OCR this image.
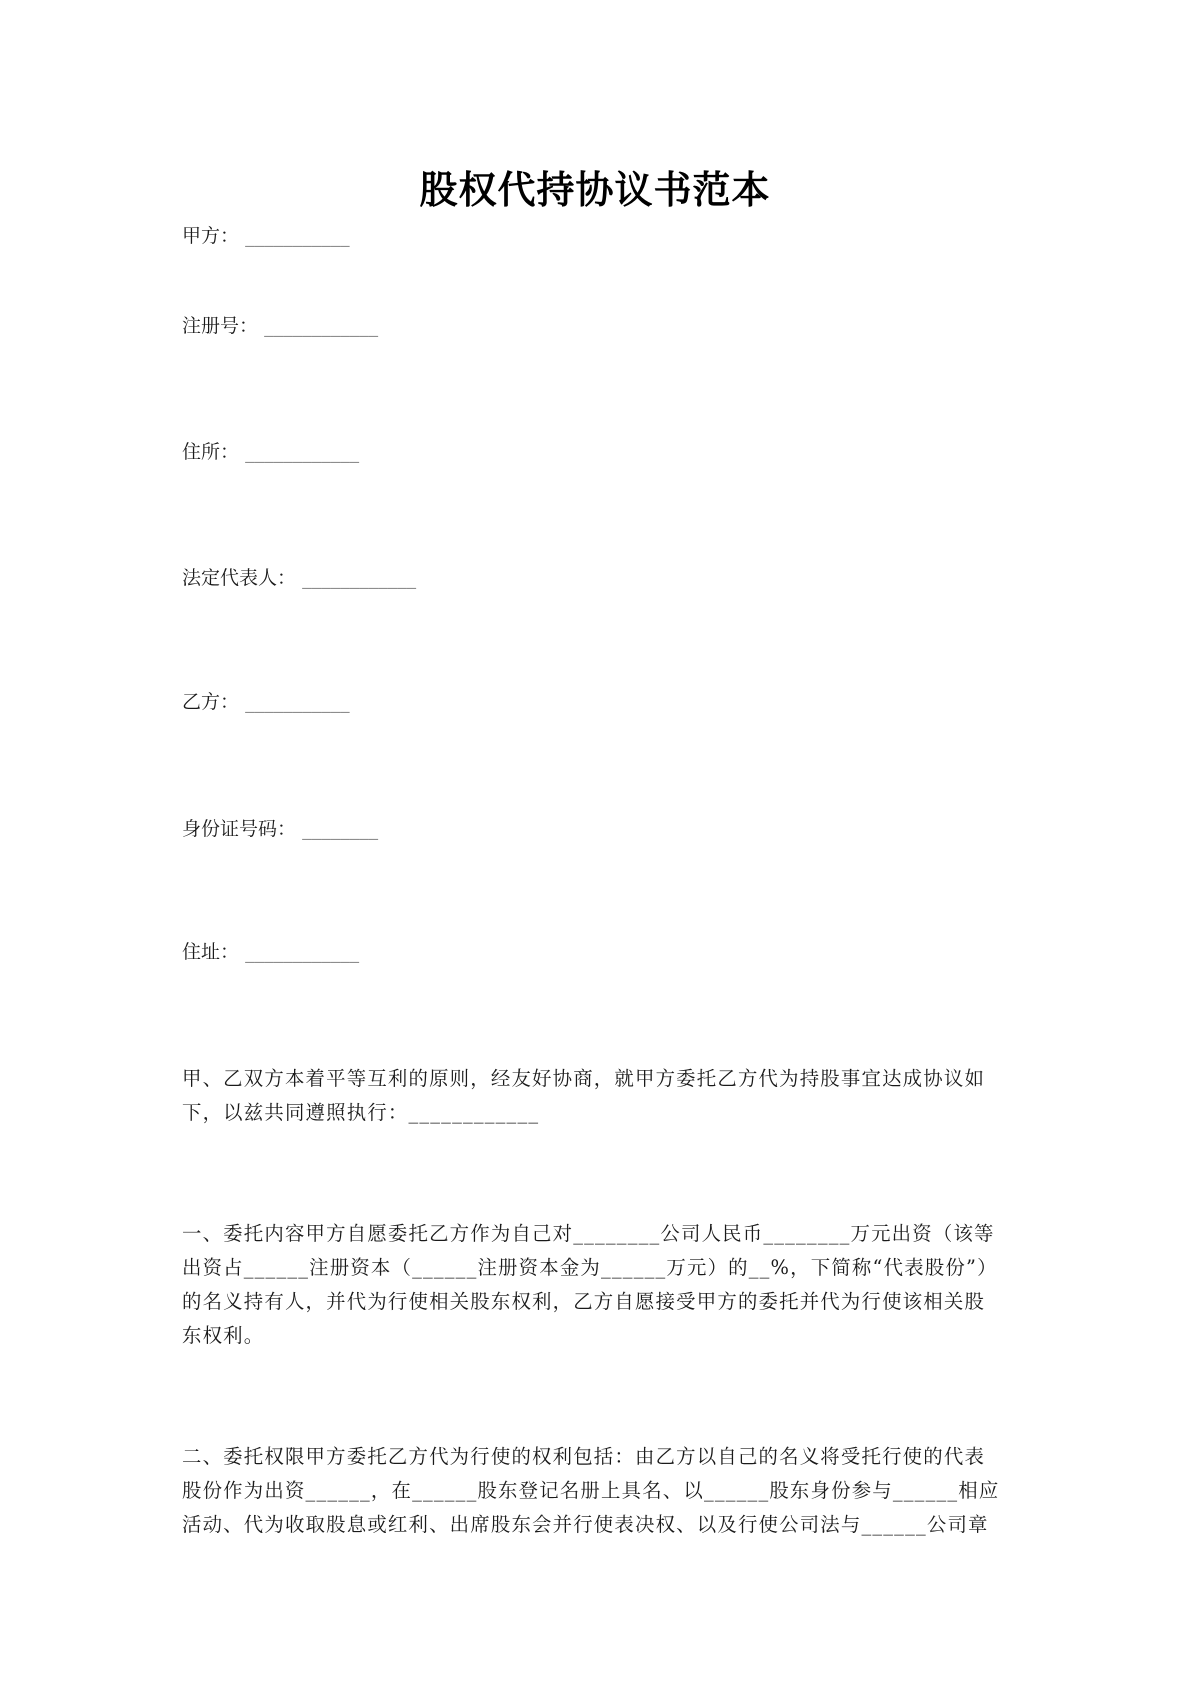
股权代持协议书范本
甲方： ___________
注册号： ____________
住所： ____________
法定代表人： ____________
乙方： ___________
身份证号码： ________
住址： ____________
甲、乙双方本着平等互利的原则，经友好协商，就甲方委托乙方代为持股事宜达成协议如
下，以兹共同遵照执行：____________
一、委托内容甲方自愿委托乙方作为自己对________公司人民币________万元出资（该等
出资占______注册资本（______注册资本金为______万元）的__%，下简称“代表股份”）
的名义持有人，并代为行使相关股东权利，乙方自愿接受甲方的委托并代为行使该相关股
东权利。
二、委托权限甲方委托乙方代为行使的权利包括：由乙方以自己的名义将受托行使的代表
股份作为出资______，在______股东登记名册上具名、以______股东身份参与______相应
活动、代为收取股息或红利、出席股东会并行使表决权、以及行使公司法与______公司章
